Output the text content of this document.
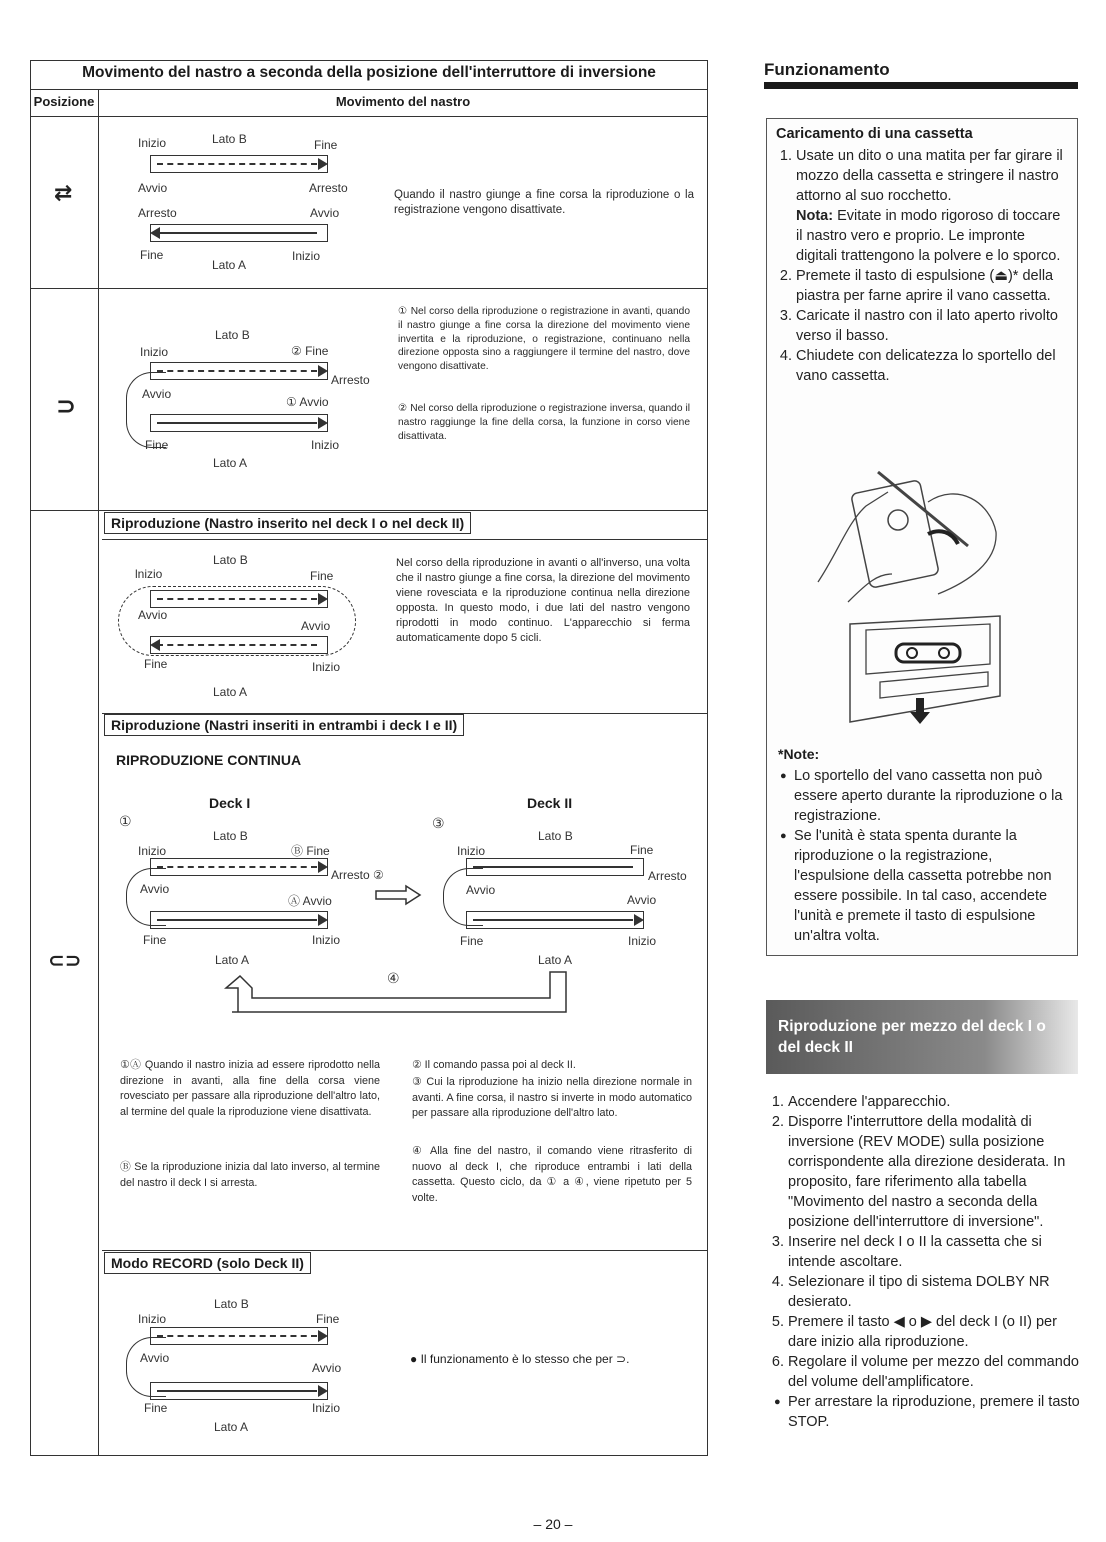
Movimento del nastro a seconda della posizione dell'interruttore di inversione
Posizione	Movimento del nastro
⇄
Inizio	Lato B	Fine
Avvio	Arresto
Arresto	Avvio
Fine	Inizio
Lato A
Quando il nastro giunge a fine corsa la riproduzione o la registrazione vengono disattivate.
⊃
Lato B
Inizio	② Fine
Arresto
Avvio
① Avvio
Fine	Inizio
Lato A
① Nel corso della riproduzione o registrazione in avanti, quando il nastro giunge a fine corsa la direzione del movimento viene invertita e la riproduzione, o registrazione, continuano nella direzione opposta sino a raggiungere il termine del nastro, dove vengono disattivate.
② Nel corso della riproduzione o registrazione inversa, quando il nastro raggiunge la fine della corsa, la funzione in corso viene disattivata.
⊂⊃
Riproduzione (Nastro inserito nel deck I o nel deck II)
Lato B
lnizio	Fine
Avvio
Avvio
Fine	Inizio
Lato A
Nel corso della riproduzione in avanti o all'inverso, una volta che il nastro giunge a fine corsa, la direzione del movimento viene rovesciata e la riproduzione continua nella direzione opposta. In questo modo, i due lati del nastro vengono riprodotti in modo continuo. L'apparecchio si ferma automaticamente dopo 5 cicli.
Riproduzione (Nastri inseriti in entrambi i deck I e II)
RIPRODUZIONE CONTINUA
Deck I	Deck II
①	③
Lato B
Inizio	Ⓑ Fine
Arresto ②
Avvio
Ⓐ Avvio
Fine	Inizio
Lato A
Lato B
Inizio	Fine
Arresto
Avvio
Avvio
Fine	Inizio
Lato A
④
①Ⓐ Quando il nastro inizia ad essere riprodotto nella direzione in avanti, alla fine della corsa viene rovesciato per passare alla riproduzione dell'altro lato, al termine del quale la riproduzione viene disattivata.
Ⓑ Se la riproduzione inizia dal lato inverso, al termine del nastro il deck I si arresta.
② Il comando passa poi al deck II.
③ Cui la riproduzione ha inizio nella direzione normale in avanti. A fine corsa, il nastro si inverte in modo automatico per passare alla riproduzione dell'altro lato.
④ Alla fine del nastro, il comando viene ritrasferito di nuovo al deck I, che riproduce entrambi i lati della cassetta. Questo ciclo, da ① a ④, viene ripetuto per 5 volte.
Modo RECORD (solo Deck II)
Lato B
Inizio	Fine
Avvio
Avvio
Fine	Inizio
Lato A
● Il funzionamento è lo stesso che per ⊃.
Funzionamento
Caricamento di una cassetta
1. Usate un dito o una matita per far girare il mozzo della cassetta e stringere il nastro attorno al suo rocchetto.
Nota: Evitate in modo rigoroso di toccare il nastro vero e proprio. Le impronte digitali trattengono la polvere e lo sporco.
2. Premete il tasto di espulsione (⏏)* della piastra per farne aprire il vano cassetta.
3. Caricate il nastro con il lato aperto rivolto verso il basso.
4. Chiudete con delicatezza lo sportello del vano cassetta.
*Note:
● Lo sportello del vano cassetta non può essere aperto durante la riproduzione o la registrazione.
● Se l'unità è stata spenta durante la riproduzione o la registrazione, l'espulsione della cassetta potrebbe non essere possibile. In tal caso, accendete l'unità e premete il tasto di espulsione un'altra volta.
Riproduzione per mezzo del deck I o del deck II
1. Accendere l'apparecchio.
2. Disporre l'interruttore della modalità di inversione (REV MODE) sulla posizione corrispondente alla direzione desiderata. In proposito, fare riferimento alla tabella "Movimento del nastro a seconda della posizione dell'interruttore di inversione".
3. Inserire nel deck I o II la cassetta che si intende ascoltare.
4. Selezionare il tipo di sistema DOLBY NR desierato.
5. Premere il tasto ◀ o ▶ del deck I (o II) per dare inizio alla riproduzione.
6. Regolare il volume per mezzo del commando del volume dell'amplificatore.
● Per arrestare la riproduzione, premere il tasto STOP.
– 20 –
